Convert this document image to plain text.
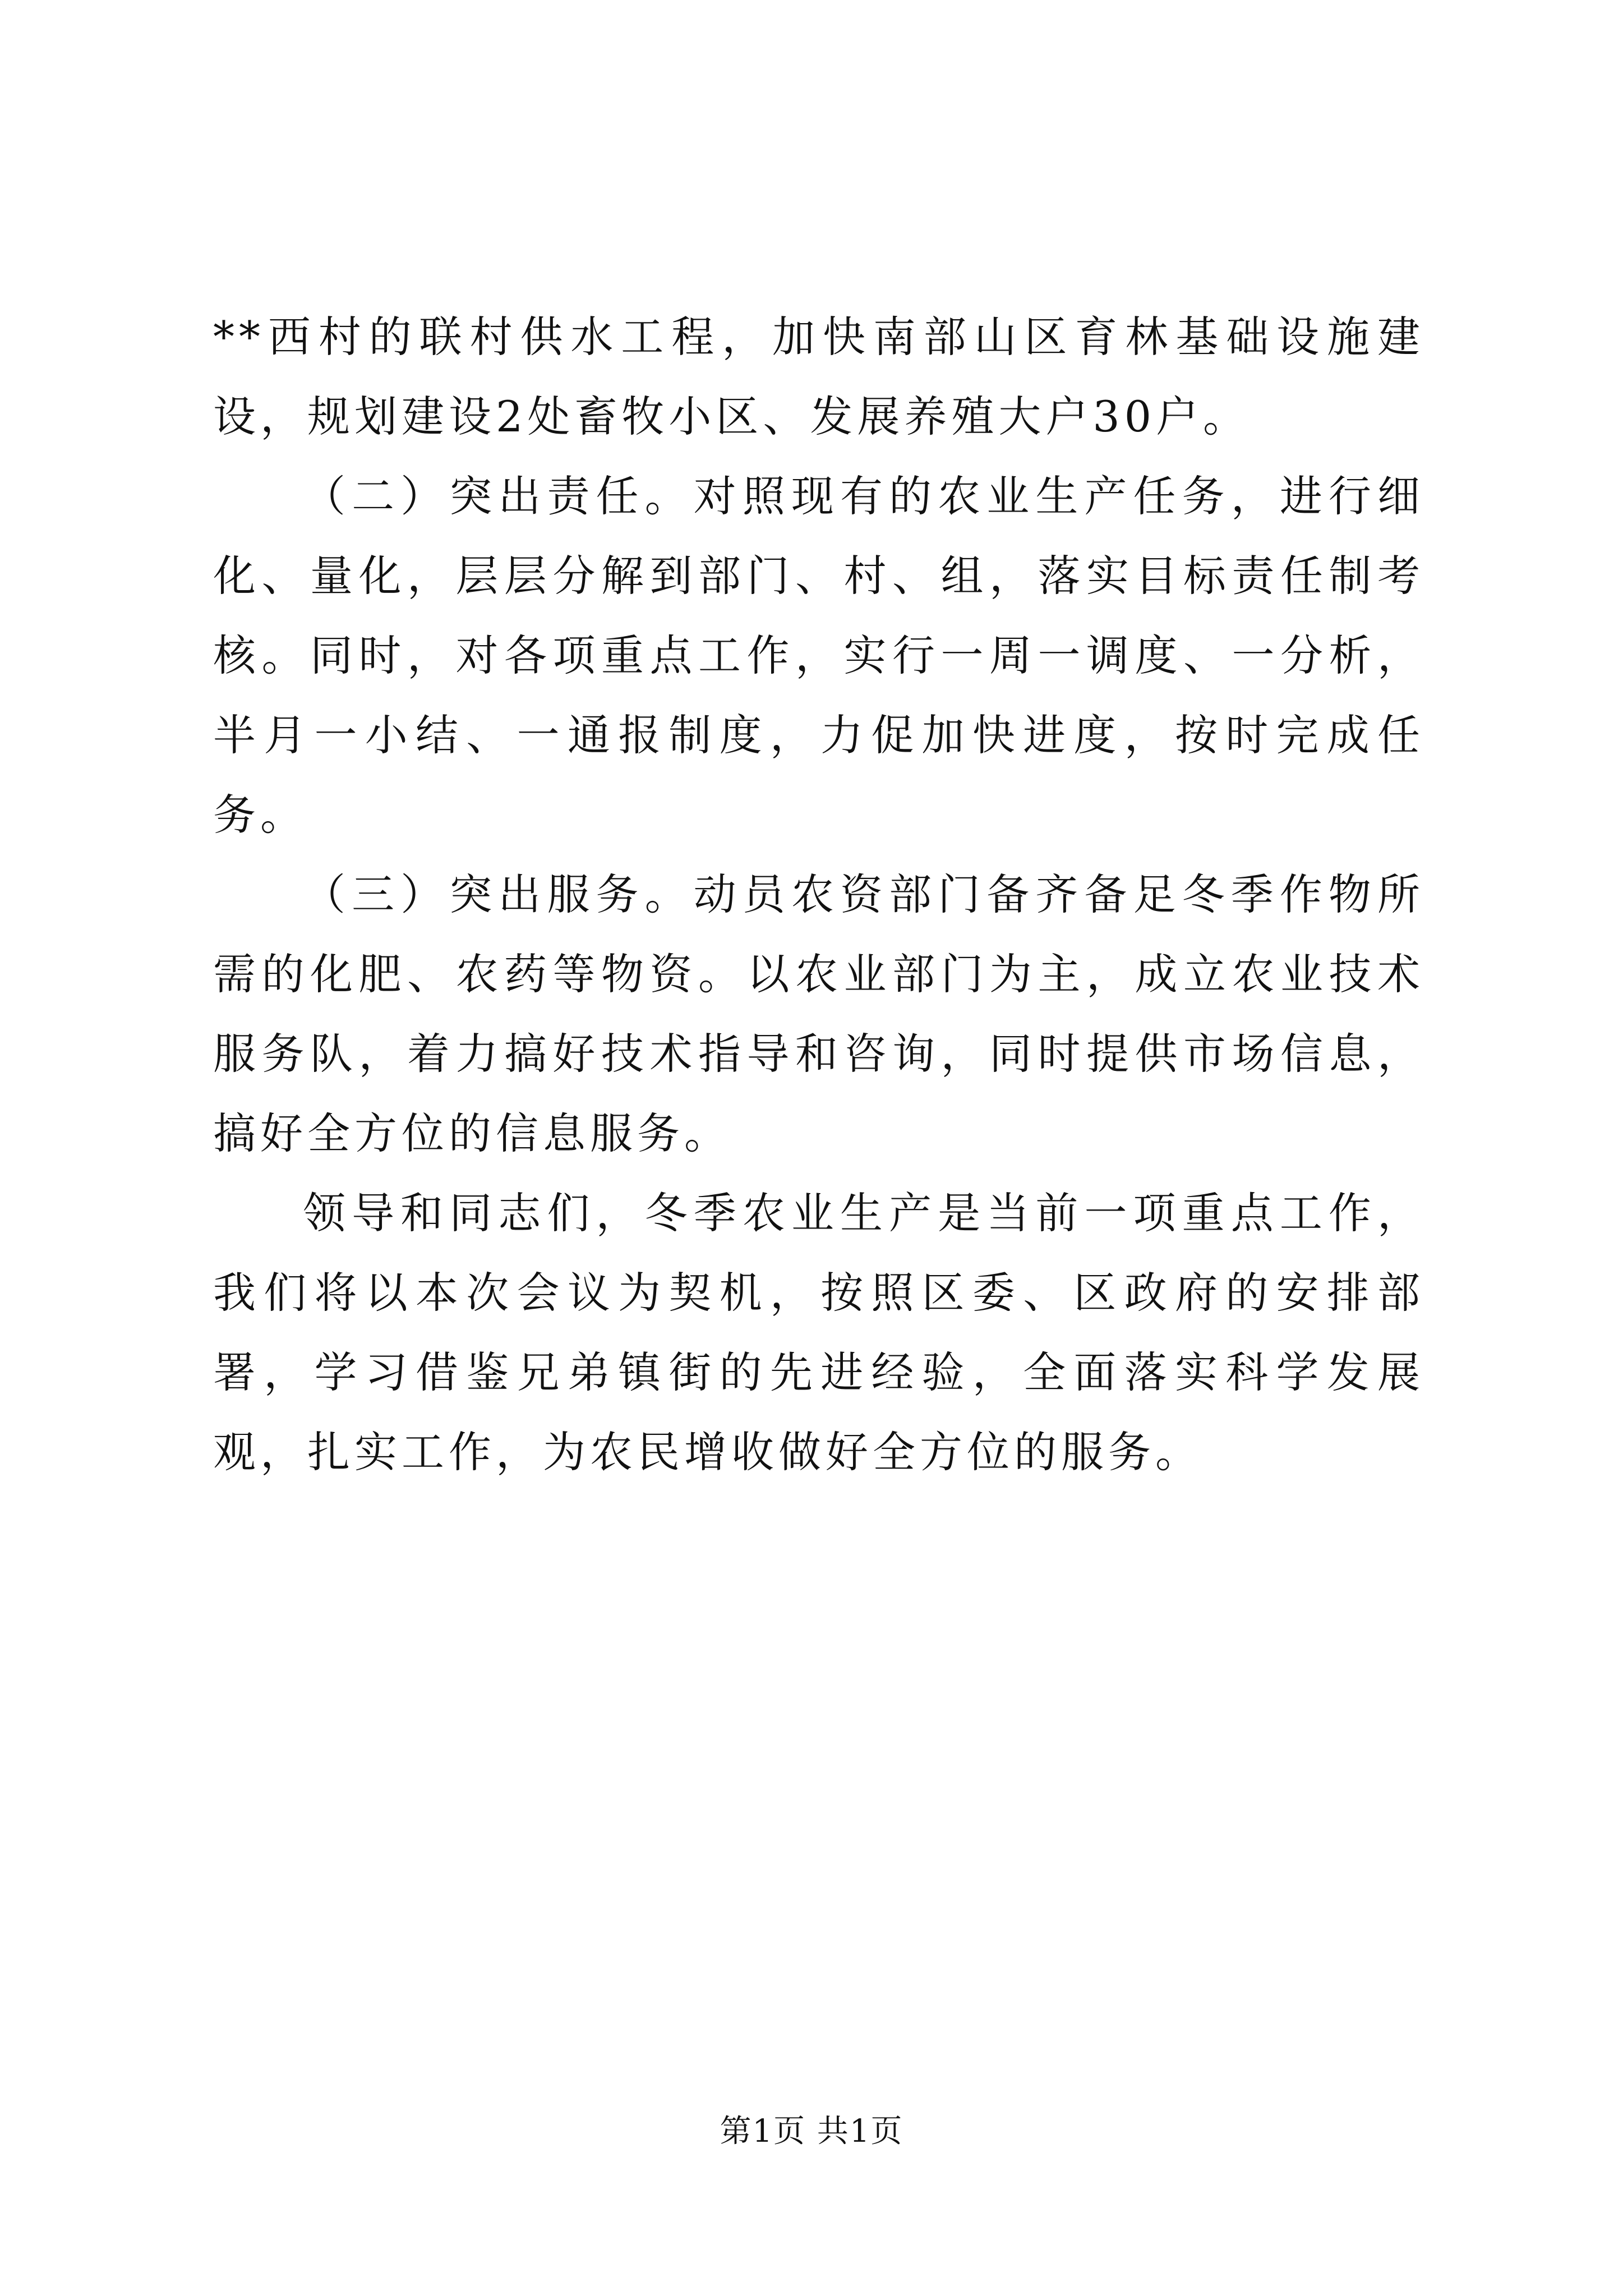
**西村的联村供水工程，加快南部山区育林基础设施建设，规划建设2处畜牧小区、发展养殖大户30户。

（二）突出责任。对照现有的农业生产任务，进行细化、量化，层层分解到部门、村、组，落实目标责任制考核。同时，对各项重点工作，实行一周一调度、一分析，半月一小结、一通报制度，力促加快进度，按时完成任务。

（三）突出服务。动员农资部门备齐备足冬季作物所需的化肥、农药等物资。以农业部门为主，成立农业技术服务队，着力搞好技术指导和咨询，同时提供市场信息，搞好全方位的信息服务。

领导和同志们，冬季农业生产是当前一项重点工作，我们将以本次会议为契机，按照区委、区政府的安排部署，学习借鉴兄弟镇街的先进经验，全面落实科学发展观，扎实工作，为农民增收做好全方位的服务。

第1页 共1页
